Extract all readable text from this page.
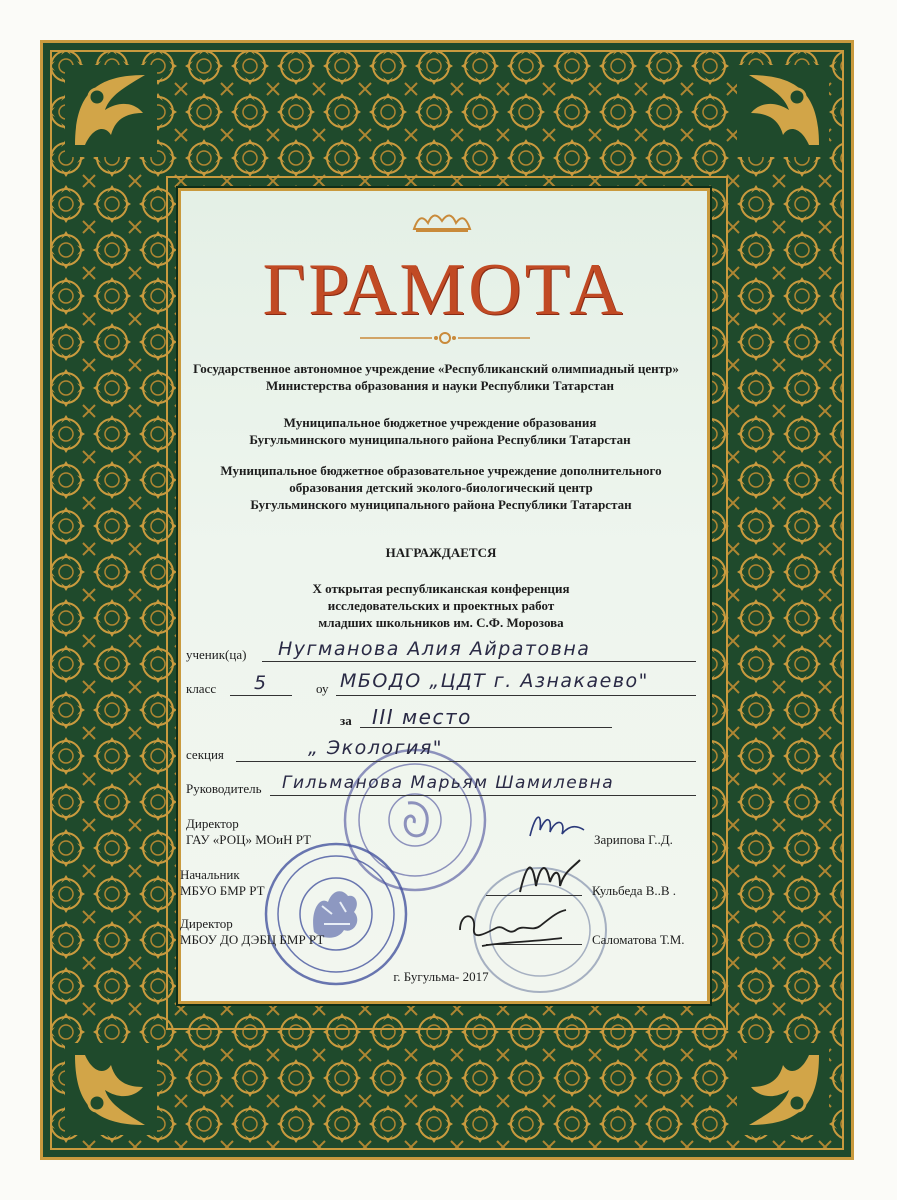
ГРАМОТА
Государственное автономное учреждение «Республиканский олимпиадный центр»
Министерства образования и науки Республики Татарстан
Муниципальное бюджетное учреждение образования
Бугульминского муниципального района Республики Татарстан
Муниципальное бюджетное образовательное учреждение дополнительного
образования детский эколого-биологический центр
Бугульминского муниципального района Республики Татарстан
НАГРАЖДАЕТСЯ
X открытая республиканская конференция
исследовательских и проектных работ
младших школьников им. С.Ф. Морозова
ученик(ца) Нугманова Алия Айратовна
класс 5	оу МБОДО „ЦДТ г. Азнакаево"
за III место
секция	„ Экология"
Руководитель Гильманова Марьям Шамилевна
Директор
ГАУ «РОЦ» МОиН РТ	Зарипова Г..Д.
Начальник
МБУО БМР РТ	Кульбеда В..В .
Директор
МБОУ ДО ДЭБЦ БМР РТ	Саломатова Т.М.
г. Бугульма- 2017
